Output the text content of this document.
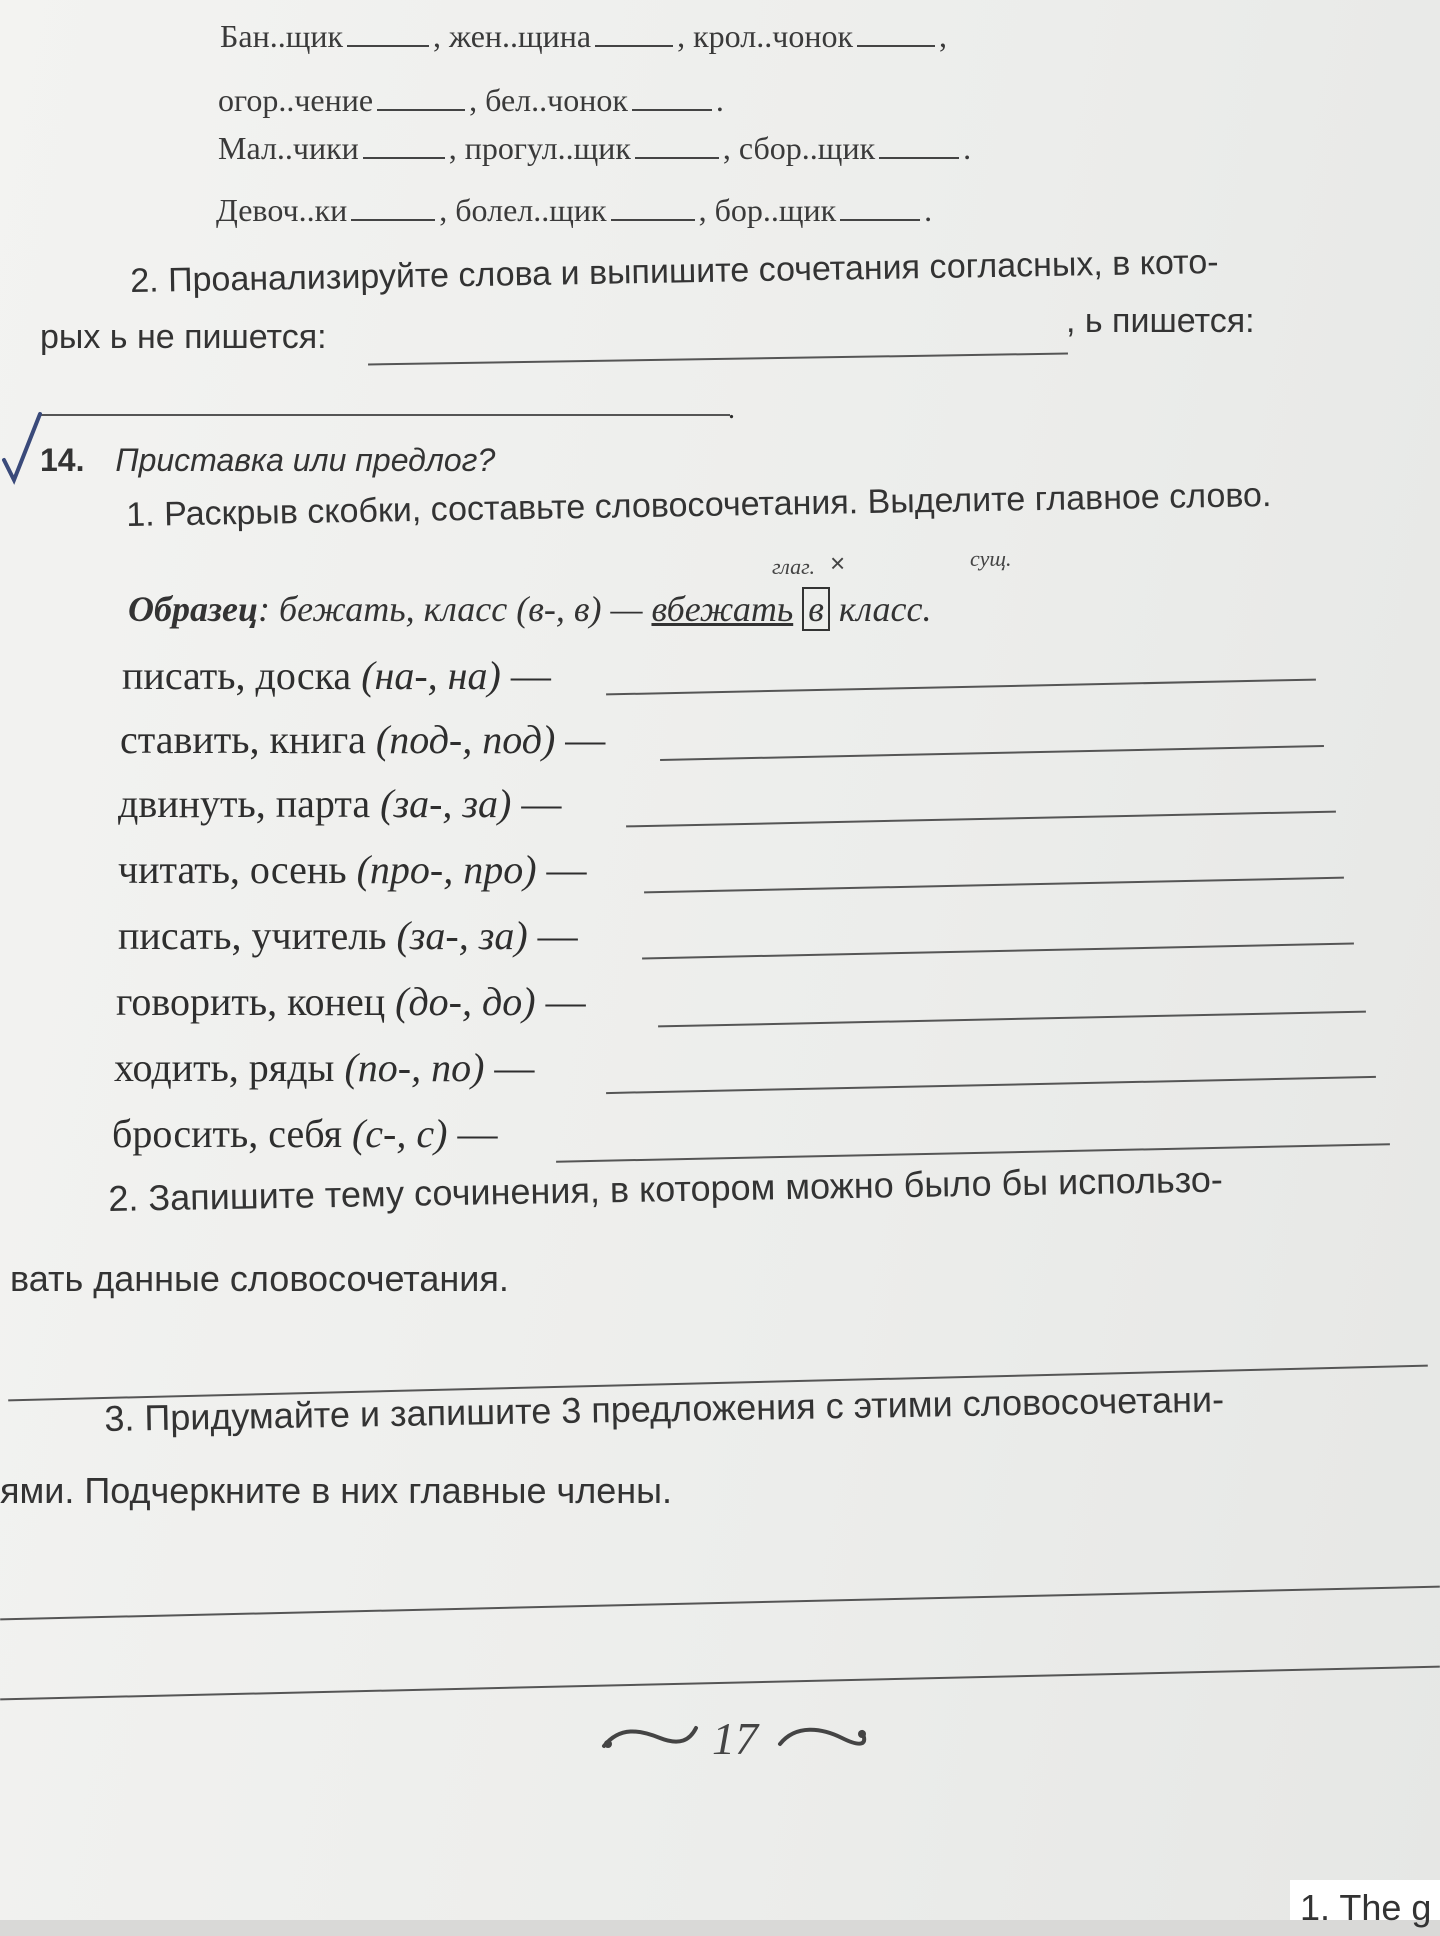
Бан..щик	, жен..щина	, крол..чонок	,
огор..чение	, бел..чонок	.
Мал..чики	, прогул..щик	, сбор..щик	.
Девоч..ки	, болел..щик	, бор..щик	.
2. Проанализируйте слова и выпишите сочетания согласных, в кото-
рых ь не пишется:	, ь пишется:
.
14. Приставка или предлог?
1. Раскрыв скобки, составьте словосочетания. Выделите главное слово.
глаг. ×	сущ.
Образец: бежать, класс (в-, в) — вбежать в класс.
писать, доска (на-, на) —
ставить, книга (под-, под) —
двинуть, парта (за-, за) —
читать, осень (про-, про) —
писать, учитель (за-, за) —
говорить, конец (до-, до) —
ходить, ряды (по-, по) —
бросить, себя (с-, с) —
2. Запишите тему сочинения, в котором можно было бы использо-
вать данные словосочетания.
3. Придумайте и запишите 3 предложения с этими словосочетани-
ями. Подчеркните в них главные члены.
17
1. The g
